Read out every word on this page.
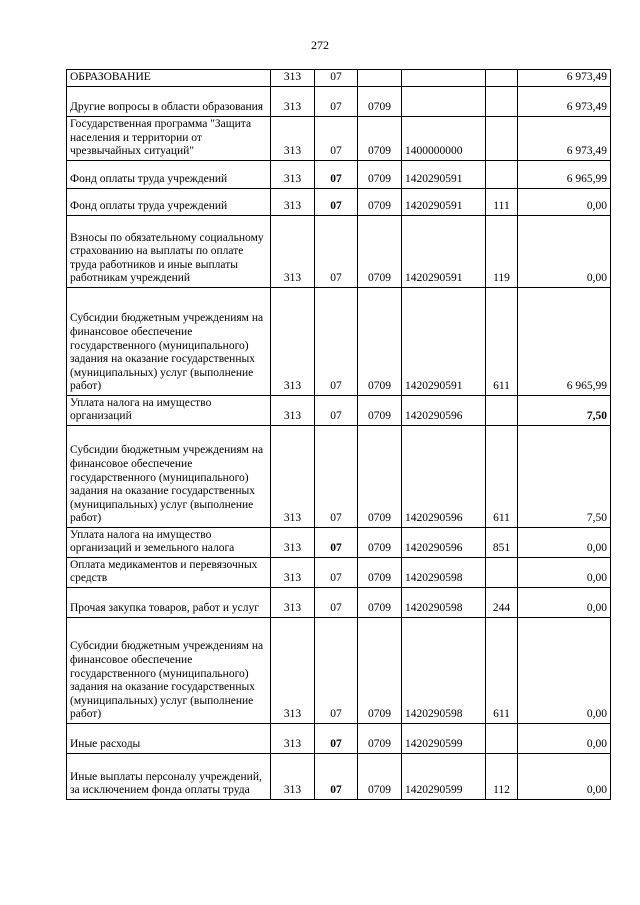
272
ОБРАЗОВАНИЕ	313	07				6 973,49
Другие вопросы в области образования	313	07	0709			6 973,49
Государственная программа "Защита населения и территории от чрезвычайных ситуаций"	313	07	0709	1400000000		6 973,49
Фонд оплаты труда учреждений	313	07	0709	1420290591		6 965,99
Фонд оплаты труда учреждений	313	07	0709	1420290591	111	0,00
Взносы по обязательному социальному страхованию на выплаты по оплате труда работников и иные выплаты работникам учреждений	313	07	0709	1420290591	119	0,00
Субсидии бюджетным учреждениям на финансовое обеспечение государственного (муниципального) задания на оказание государственных (муниципальных) услуг (выполнение работ)	313	07	0709	1420290591	611	6 965,99
Уплата налога на имущество организаций	313	07	0709	1420290596		7,50
Субсидии бюджетным учреждениям на финансовое обеспечение государственного (муниципального) задания на оказание государственных (муниципальных) услуг (выполнение работ)	313	07	0709	1420290596	611	7,50
Уплата налога на имущество организаций и земельного налога	313	07	0709	1420290596	851	0,00
Оплата медикаментов и перевязочных средств	313	07	0709	1420290598		0,00
Прочая закупка товаров, работ и услуг	313	07	0709	1420290598	244	0,00
Субсидии бюджетным учреждениям на финансовое обеспечение государственного (муниципального) задания на оказание государственных (муниципальных) услуг (выполнение работ)	313	07	0709	1420290598	611	0,00
Иные расходы	313	07	0709	1420290599		0,00
Иные выплаты персоналу учреждений, за исключением фонда оплаты труда	313	07	0709	1420290599	112	0,00
